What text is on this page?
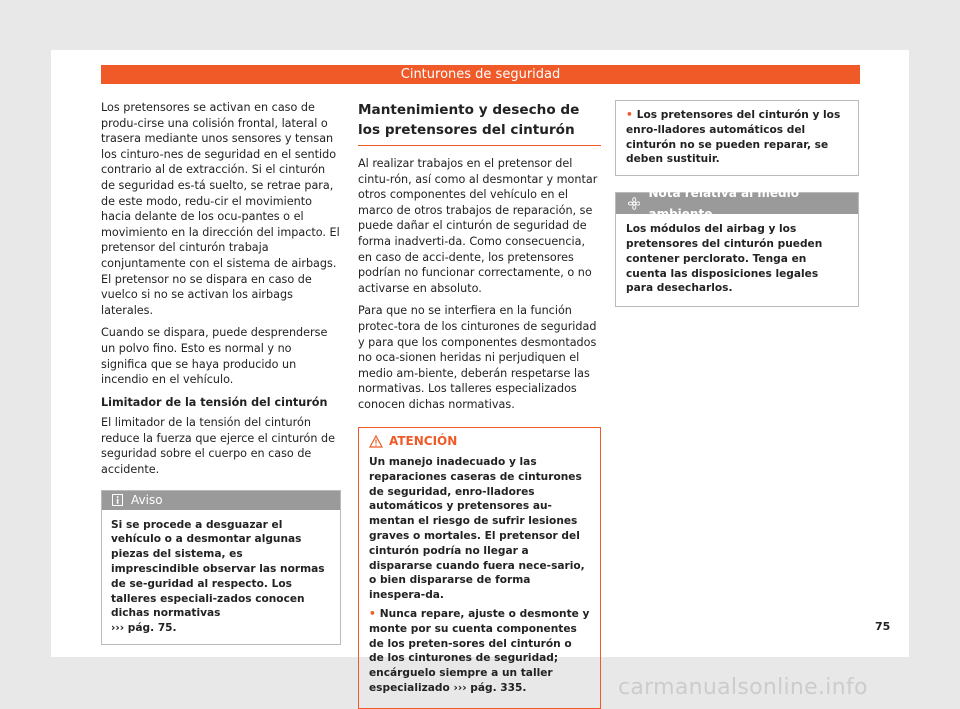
Cinturones de seguridad

Los pretensores se activan en caso de produ-cirse una colisión frontal, lateral o trasera mediante unos sensores y tensan los cinturo-nes de seguridad en el sentido contrario al de extracción. Si el cinturón de seguridad es-tá suelto, se retrae para, de este modo, redu-cir el movimiento hacia delante de los ocu-pantes o el movimiento en la dirección del impacto. El pretensor del cinturón trabaja conjuntamente con el sistema de airbags. El pretensor no se dispara en caso de vuelco si no se activan los airbags laterales.

Cuando se dispara, puede desprenderse un polvo fino. Esto es normal y no significa que se haya producido un incendio en el vehículo.

Limitador de la tensión del cinturón

El limitador de la tensión del cinturón reduce la fuerza que ejerce el cinturón de seguridad sobre el cuerpo en caso de accidente.

Aviso
Si se procede a desguazar el vehículo o a desmontar algunas piezas del sistema, es imprescindible observar las normas de se-guridad al respecto. Los talleres especiali-zados conocen dichas normativas
››› pág. 75.
Mantenimiento y desecho de los pretensores del cinturón

Al realizar trabajos en el pretensor del cintu-rón, así como al desmontar y montar otros componentes del vehículo en el marco de otros trabajos de reparación, se puede dañar el cinturón de seguridad de forma inadverti-da. Como consecuencia, en caso de acci-dente, los pretensores podrían no funcionar correctamente, o no activarse en absoluto.

Para que no se interfiera en la función protec-tora de los cinturones de seguridad y para que los componentes desmontados no oca-sionen heridas ni perjudiquen el medio am-biente, deberán respetarse las normativas. Los talleres especializados conocen dichas normativas.

ATENCIÓN

Un manejo inadecuado y las reparaciones caseras de cinturones de seguridad, enro-lladores automáticos y pretensores au-mentan el riesgo de sufrir lesiones graves o mortales. El pretensor del cinturón podría no llegar a dispararse cuando fuera nece-sario, o bien dispararse de forma inespera-da.

• Nunca repare, ajuste o desmonte y monte por su cuenta componentes de los preten-sores del cinturón o de los cinturones de seguridad; encárguelo siempre a un taller especializado ››› pág. 335.

• Los pretensores del cinturón y los enro-lladores automáticos del cinturón no se pueden reparar, se deben sustituir.
Nota relativa al medio ambiente
Los módulos del airbag y los pretensores del cinturón pueden contener perclorato. Tenga en cuenta las disposiciones legales para desecharlos.
75
carmanualsonline.info
